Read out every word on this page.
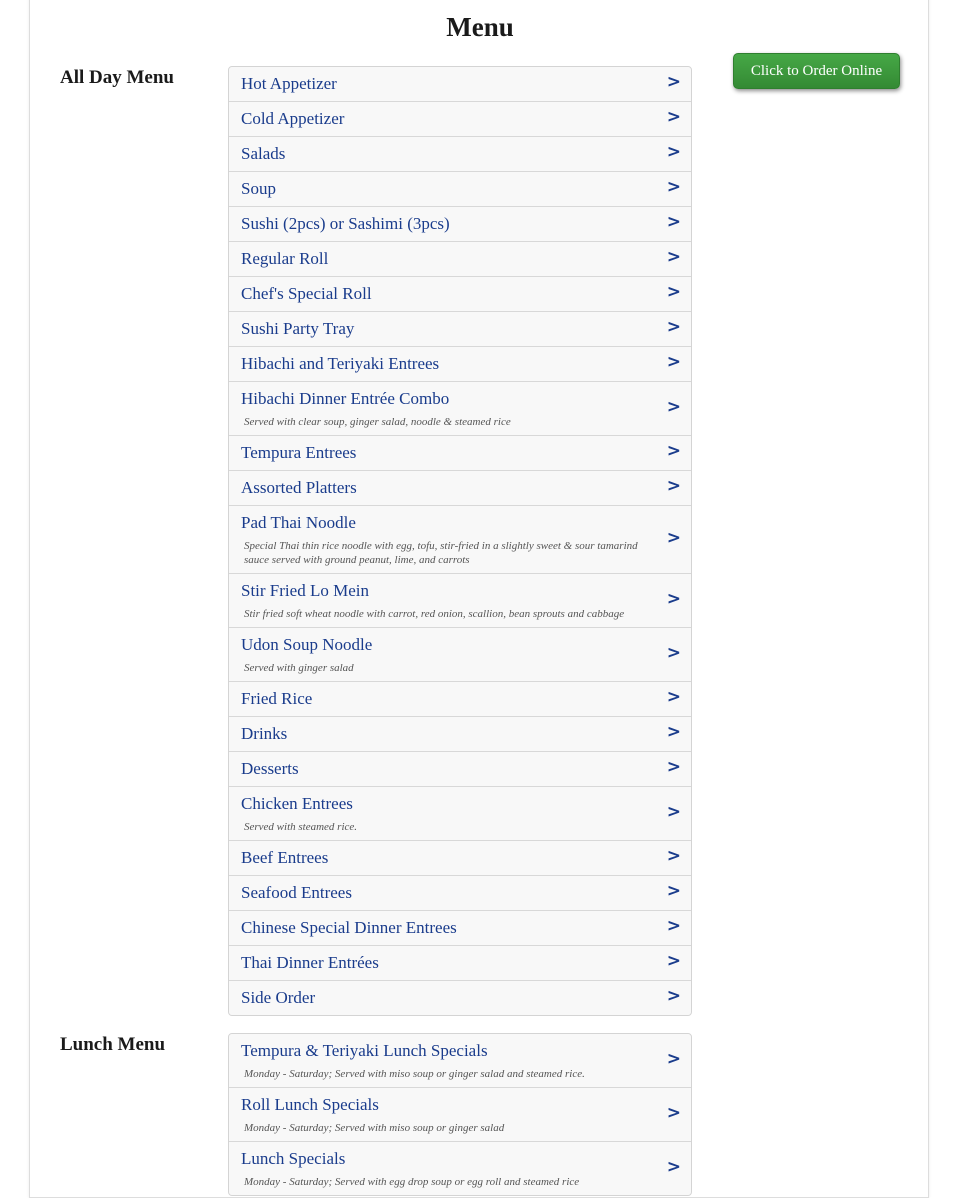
Menu
Click to Order Online
All Day Menu	Hot Appetizer	>
Cold Appetizer	>
Salads	>
Soup	>
Sushi (2pcs) or Sashimi (3pcs)	>
Regular Roll	>
Chef's Special Roll	>
Sushi Party Tray	>
Hibachi and Teriyaki Entrees	>
Hibachi Dinner Entrée Combo
Served with clear soup, ginger salad, noodle & steamed rice
>
Tempura Entrees	>
Assorted Platters	>
Pad Thai Noodle
Special Thai thin rice noodle with egg, tofu, stir-fried in a slightly sweet & sour tamarind sauce served with ground peanut, lime, and carrots
>
Stir Fried Lo Mein
Stir fried soft wheat noodle with carrot, red onion, scallion, bean sprouts and cabbage
>
Udon Soup Noodle
Served with ginger salad
>
Fried Rice	>
Drinks	>
Desserts	>
Chicken Entrees
Served with steamed rice.
>
Beef Entrees	>
Seafood Entrees	>
Chinese Special Dinner Entrees	>
Thai Dinner Entrées	>
Side Order	>
Lunch Menu	Tempura & Teriyaki Lunch Specials
Monday - Saturday; Served with miso soup or ginger salad and steamed rice.
>
Roll Lunch Specials
Monday - Saturday; Served with miso soup or ginger salad
>
Lunch Specials
Monday - Saturday; Served with egg drop soup or egg roll and steamed rice
>
